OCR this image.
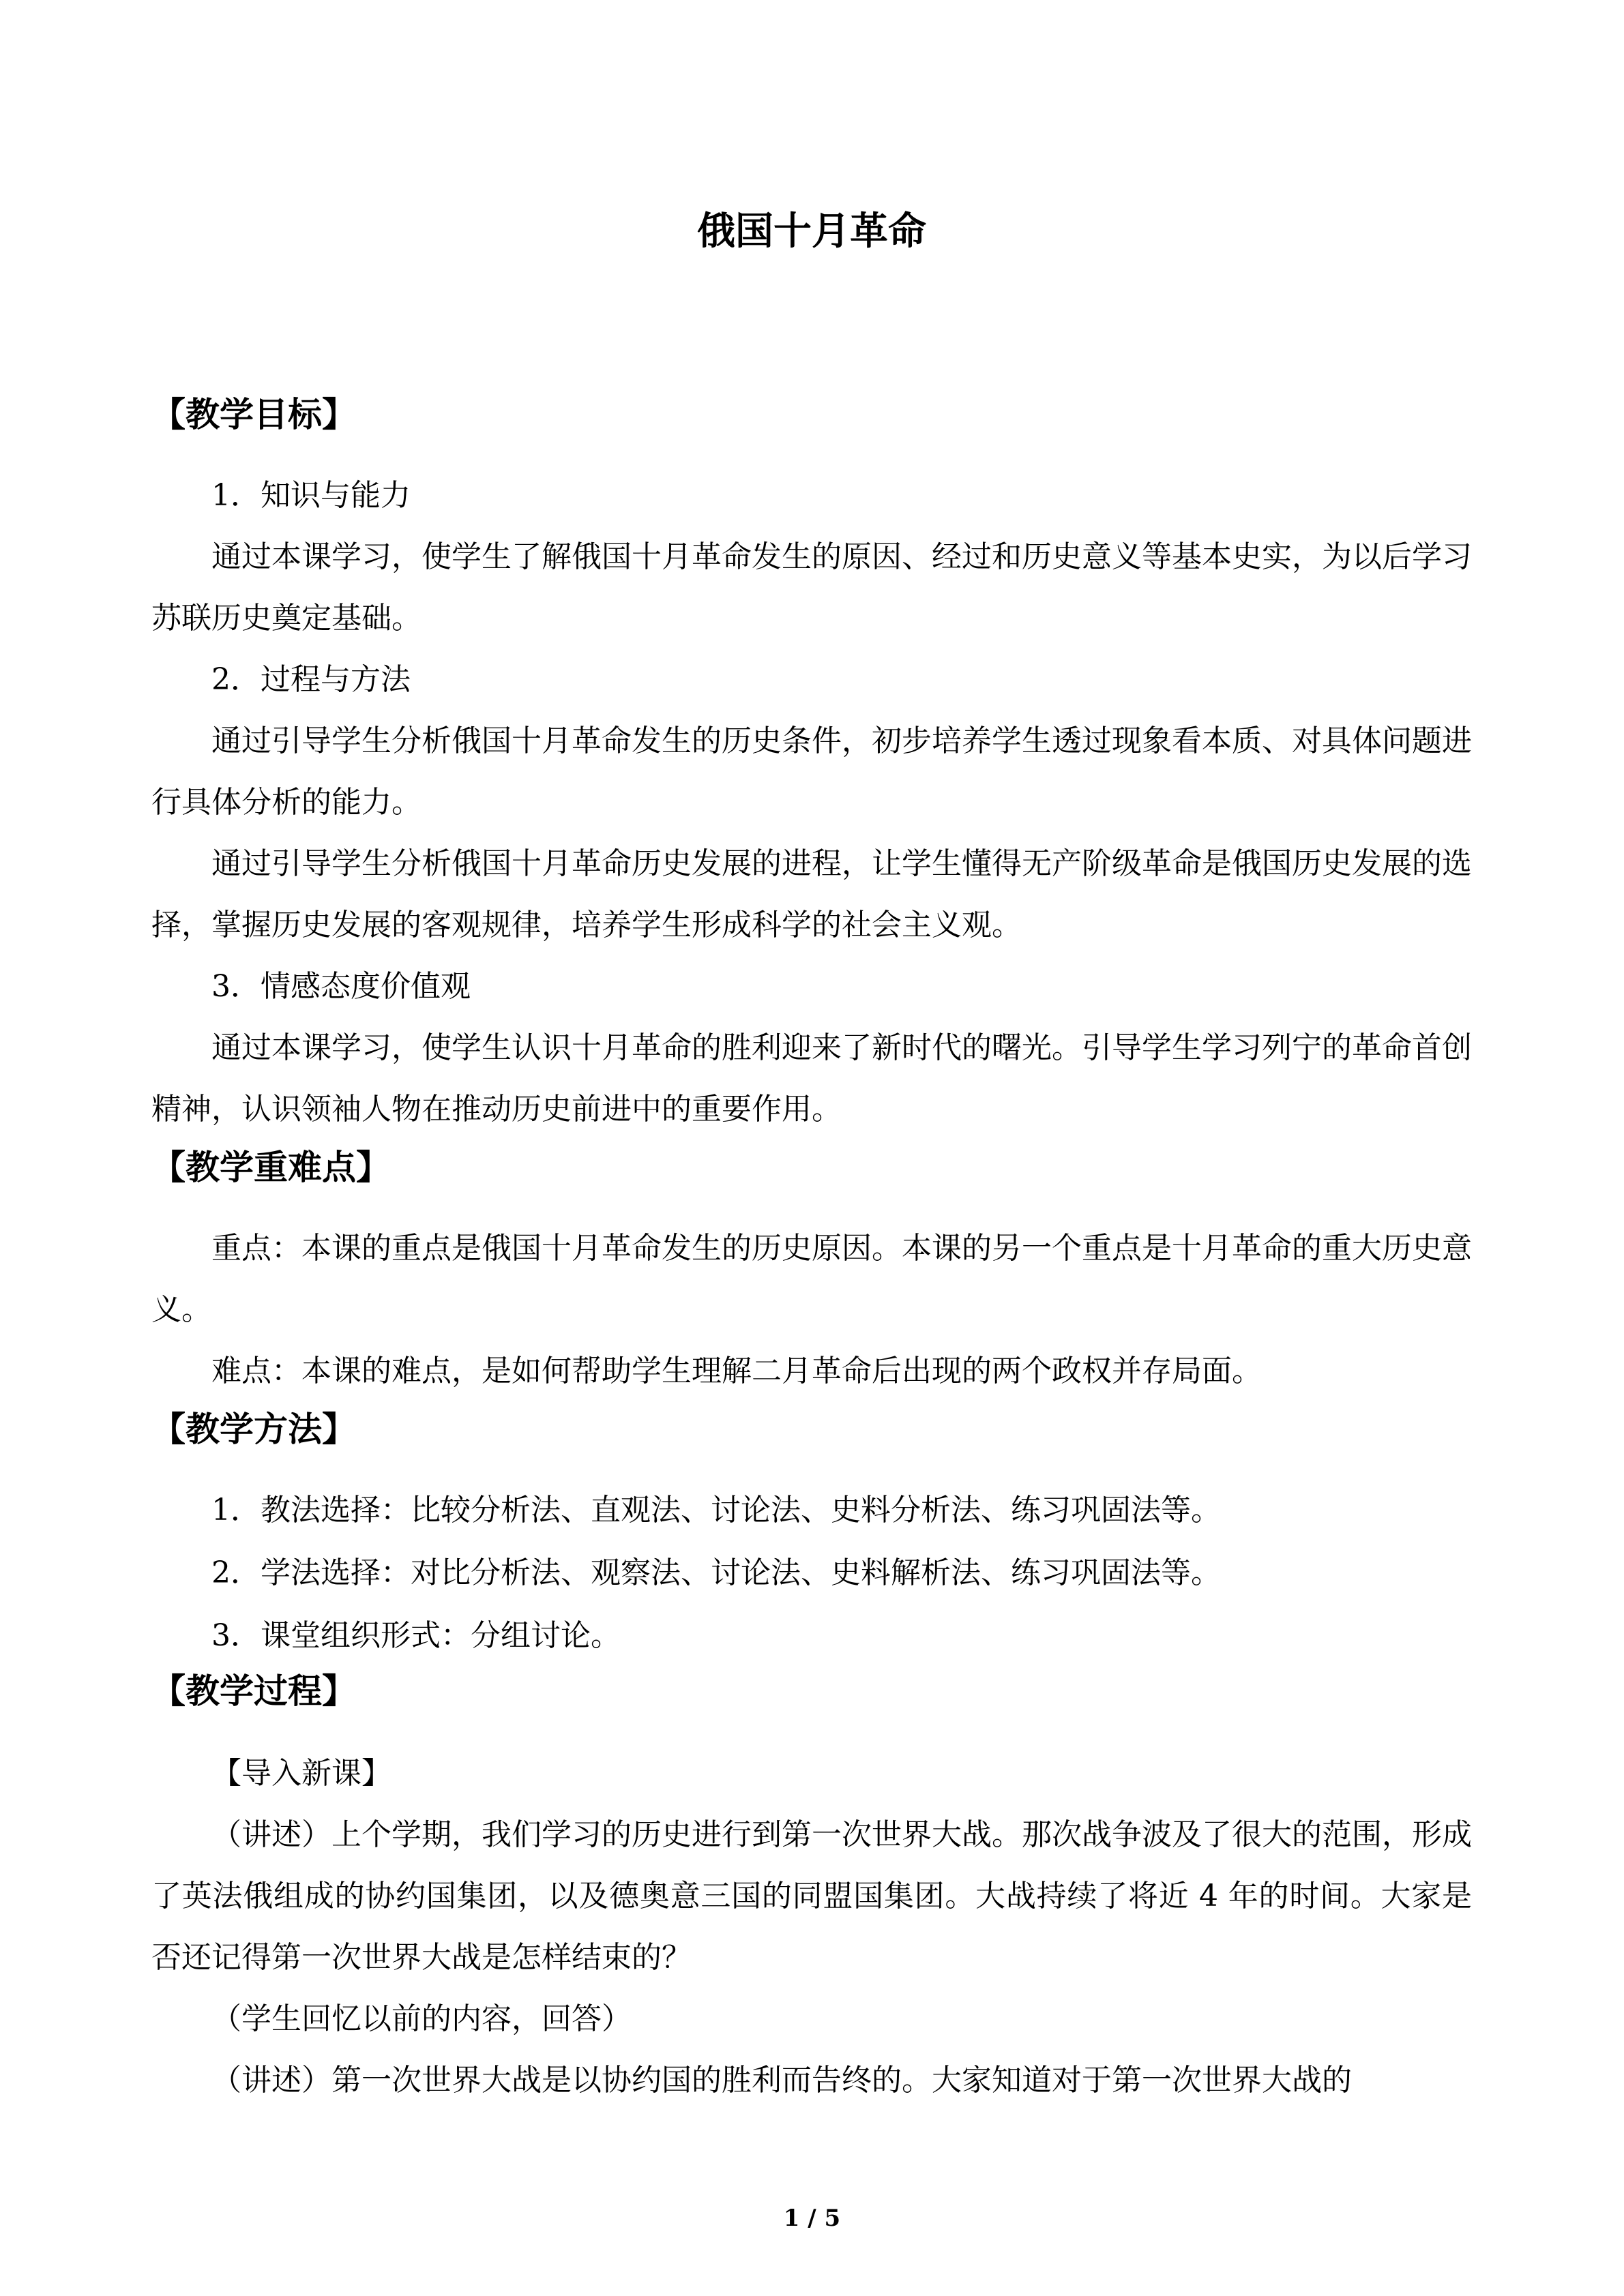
俄国十月革命
【教学目标】

1．知识与能力

通过本课学习，使学生了解俄国十月革命发生的原因、经过和历史意义等基本史实，为以后学习苏联历史奠定基础。

2．过程与方法

通过引导学生分析俄国十月革命发生的历史条件，初步培养学生透过现象看本质、对具体问题进行具体分析的能力。

通过引导学生分析俄国十月革命历史发展的进程，让学生懂得无产阶级革命是俄国历史发展的选择，掌握历史发展的客观规律，培养学生形成科学的社会主义观。

3．情感态度价值观

通过本课学习，使学生认识十月革命的胜利迎来了新时代的曙光。引导学生学习列宁的革命首创精神，认识领袖人物在推动历史前进中的重要作用。

【教学重难点】

重点：本课的重点是俄国十月革命发生的历史原因。本课的另一个重点是十月革命的重大历史意义。

难点：本课的难点，是如何帮助学生理解二月革命后出现的两个政权并存局面。

【教学方法】

1．教法选择：比较分析法、直观法、讨论法、史料分析法、练习巩固法等。

2．学法选择：对比分析法、观察法、讨论法、史料解析法、练习巩固法等。

3．课堂组织形式：分组讨论。

【教学过程】

【导入新课】

（讲述）上个学期，我们学习的历史进行到第一次世界大战。那次战争波及了很大的范围，形成了英法俄组成的协约国集团，以及德奥意三国的同盟国集团。大战持续了将近 4 年的时间。大家是否还记得第一次世界大战是怎样结束的？

（学生回忆以前的内容，回答）

（讲述）第一次世界大战是以协约国的胜利而告终的。大家知道对于第一次世界大战的

1 / 5
